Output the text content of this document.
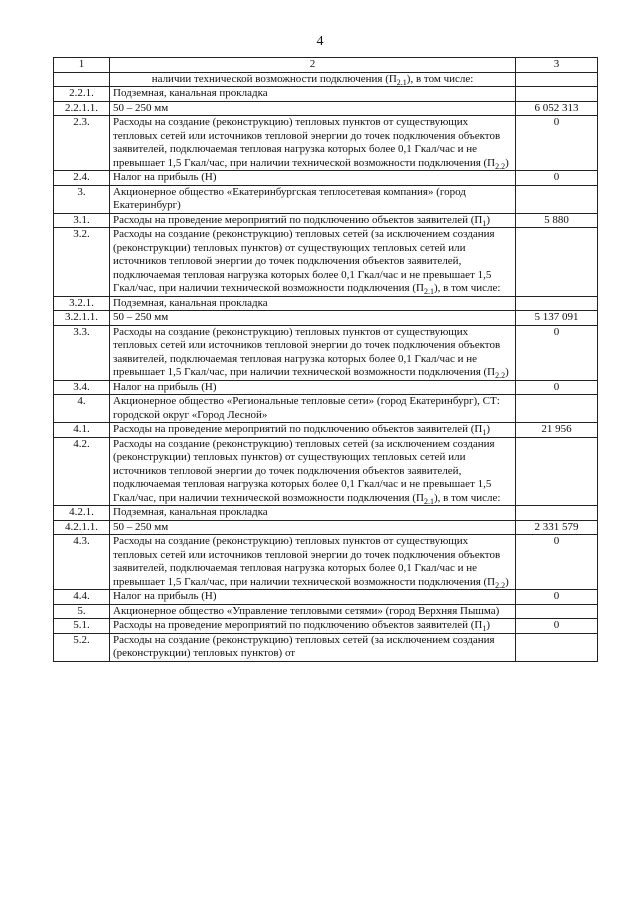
4
1	2	3
	наличии технической возможности подключения $(П_{2.1})$, в том числе:	
2.2.1.	Подземная, канальная прокладка	
2.2.1.1.	50 – 250 мм	6 052 313
2.3.	Расходы на создание (реконструкцию) тепловых пунктов от существующих тепловых сетей или источников тепловой энергии до точек подключения объектов заявителей, подключаемая тепловая нагрузка которых более 0,1 Гкал/час и не превышает 1,5 Гкал/час, при наличии технической возможности подключения $(П_{2.2})$	0
2.4.	Налог на прибыль (Н)	0
3.	Акционерное общество «Екатеринбургская теплосетевая компания» (город Екатеринбург)	
3.1.	Расходы на проведение мероприятий по подключению объектов заявителей $(П_1)$	5 880
3.2.	Расходы на создание (реконструкцию) тепловых сетей (за исключением создания (реконструкции) тепловых пунктов) от существующих тепловых сетей или источников тепловой энергии до точек подключения объектов заявителей, подключаемая тепловая нагрузка которых более 0,1 Гкал/час и не превышает 1,5 Гкал/час, при наличии технической возможности подключения $(П_{2.1})$, в том числе:	
3.2.1.	Подземная, канальная прокладка	
3.2.1.1.	50 – 250 мм	5 137 091
3.3.	Расходы на создание (реконструкцию) тепловых пунктов от существующих тепловых сетей или источников тепловой энергии до точек подключения объектов заявителей, подключаемая тепловая нагрузка которых более 0,1 Гкал/час и не превышает 1,5 Гкал/час, при наличии технической возможности подключения $(П_{2.2})$	0
3.4.	Налог на прибыль (Н)	0
4.	Акционерное общество «Региональные тепловые сети» (город Екатеринбург), СТ: городской округ «Город Лесной»	
4.1.	Расходы на проведение мероприятий по подключению объектов заявителей $(П_1)$	21 956
4.2.	Расходы на создание (реконструкцию) тепловых сетей (за исключением создания (реконструкции) тепловых пунктов) от существующих тепловых сетей или источников тепловой энергии до точек подключения объектов заявителей, подключаемая тепловая нагрузка которых более 0,1 Гкал/час и не превышает 1,5 Гкал/час, при наличии технической возможности подключения $(П_{2.1})$, в том числе:	
4.2.1.	Подземная, канальная прокладка	
4.2.1.1.	50 – 250 мм	2 331 579
4.3.	Расходы на создание (реконструкцию) тепловых пунктов от существующих тепловых сетей или источников тепловой энергии до точек подключения объектов заявителей, подключаемая тепловая нагрузка которых более 0,1 Гкал/час и не превышает 1,5 Гкал/час, при наличии технической возможности подключения $(П_{2.2})$	0
4.4.	Налог на прибыль (Н)	0
5.	Акционерное общество «Управление тепловыми сетями» (город Верхняя Пышма)	
5.1.	Расходы на проведение мероприятий по подключению объектов заявителей $(П_1)$	0
5.2.	Расходы на создание (реконструкцию) тепловых сетей (за исключением создания (реконструкции) тепловых пунктов) от	
